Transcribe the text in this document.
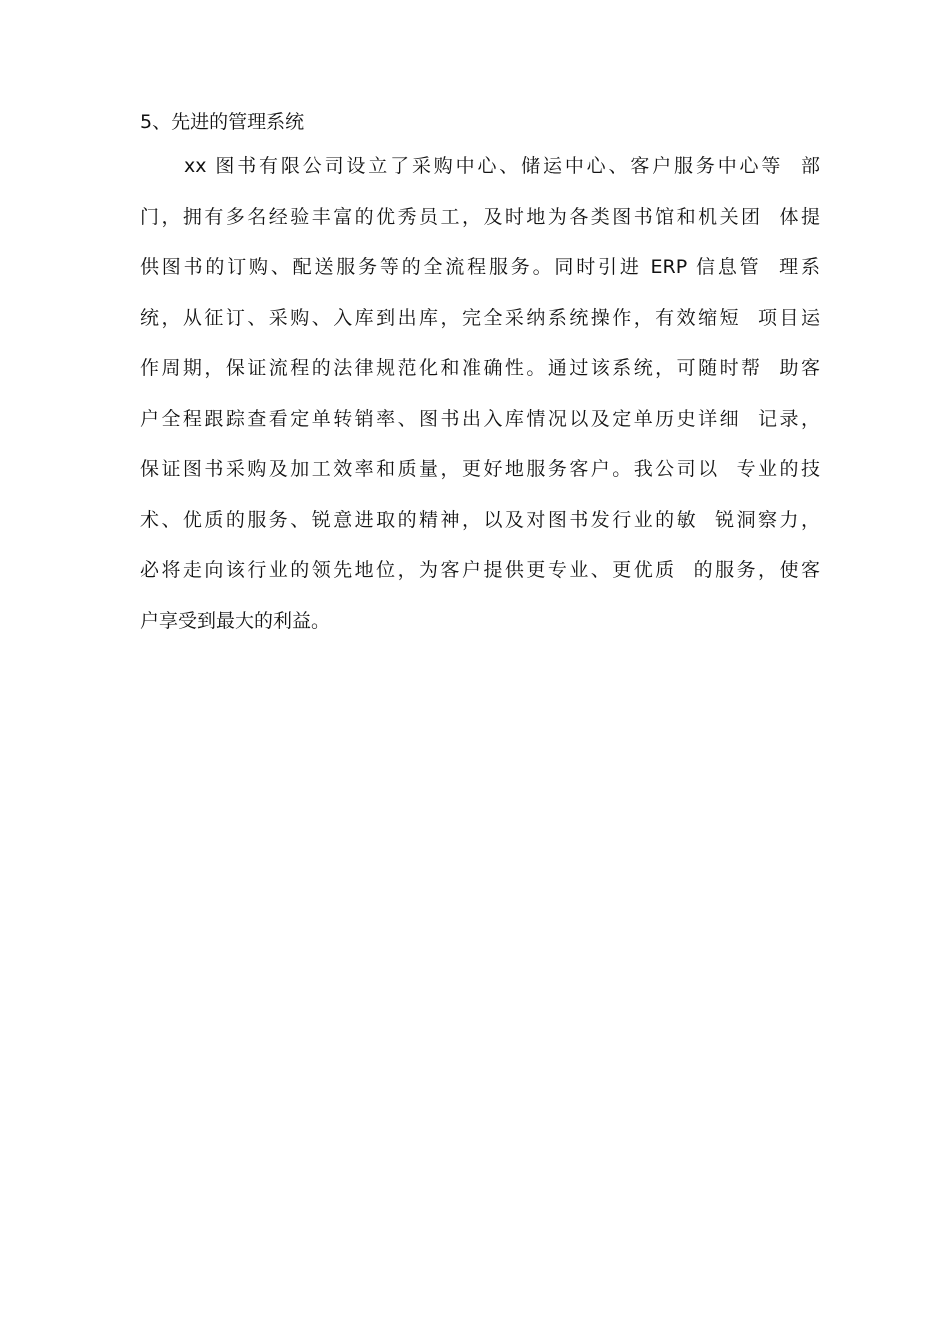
5、先进的管理系统
xx 图书有限公司设立了采购中心、储运中心、客户服务中心等  部
门，拥有多名经验丰富的优秀员工，及时地为各类图书馆和机关团  体提
供图书的订购、配送服务等的全流程服务。同时引进 ERP 信息管  理系
统，从征订、采购、入库到出库，完全采纳系统操作，有效缩短  项目运
作周期，保证流程的法律规范化和准确性。通过该系统，可随时帮  助客
户全程跟踪查看定单转销率、图书出入库情况以及定单历史详细  记录，
保证图书采购及加工效率和质量，更好地服务客户。我公司以  专业的技
术、优质的服务、锐意进取的精神，以及对图书发行业的敏  锐洞察力，
必将走向该行业的领先地位，为客户提供更专业、更优质  的服务，使客
户享受到最大的利益。
